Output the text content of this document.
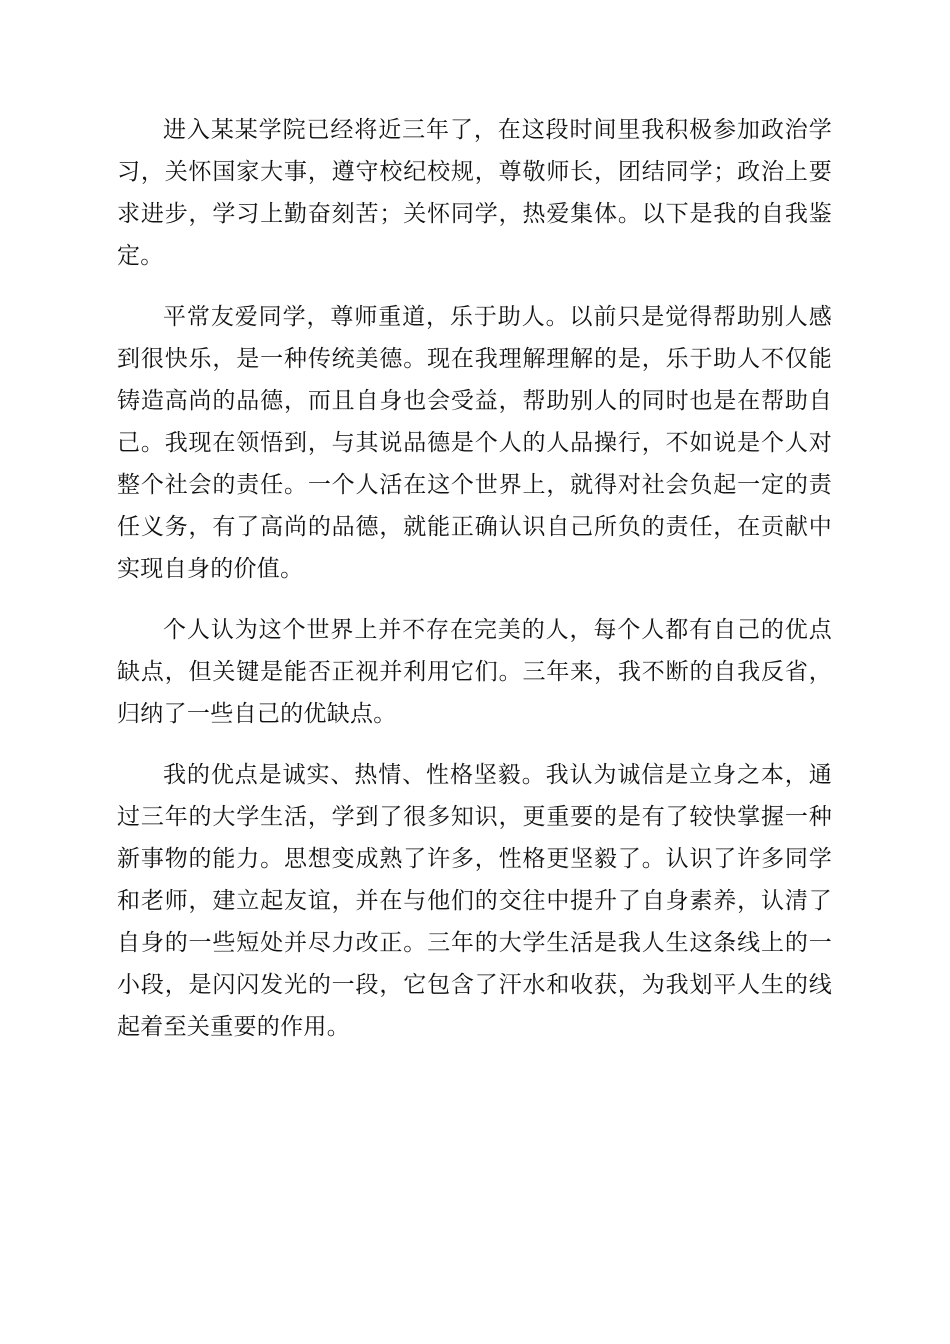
进入某某学院已经将近三年了，在这段时间里我积极参加政治学习，关怀国家大事，遵守校纪校规，尊敬师长，团结同学；政治上要求进步，学习上勤奋刻苦；关怀同学，热爱集体。以下是我的自我鉴定。

平常友爱同学，尊师重道，乐于助人。以前只是觉得帮助别人感到很快乐，是一种传统美德。现在我理解理解的是，乐于助人不仅能铸造高尚的品德，而且自身也会受益，帮助别人的同时也是在帮助自己。我现在领悟到，与其说品德是个人的人品操行，不如说是个人对整个社会的责任。一个人活在这个世界上，就得对社会负起一定的责任义务，有了高尚的品德，就能正确认识自己所负的责任，在贡献中实现自身的价值。

个人认为这个世界上并不存在完美的人，每个人都有自己的优点缺点，但关键是能否正视并利用它们。三年来，我不断的自我反省，归纳了一些自己的优缺点。

我的优点是诚实、热情、性格坚毅。我认为诚信是立身之本，通过三年的大学生活，学到了很多知识，更重要的是有了较快掌握一种新事物的能力。思想变成熟了许多，性格更坚毅了。认识了许多同学和老师，建立起友谊，并在与他们的交往中提升了自身素养，认清了自身的一些短处并尽力改正。三年的大学生活是我人生这条线上的一小段，是闪闪发光的一段，它包含了汗水和收获，为我划平人生的线起着至关重要的作用。
